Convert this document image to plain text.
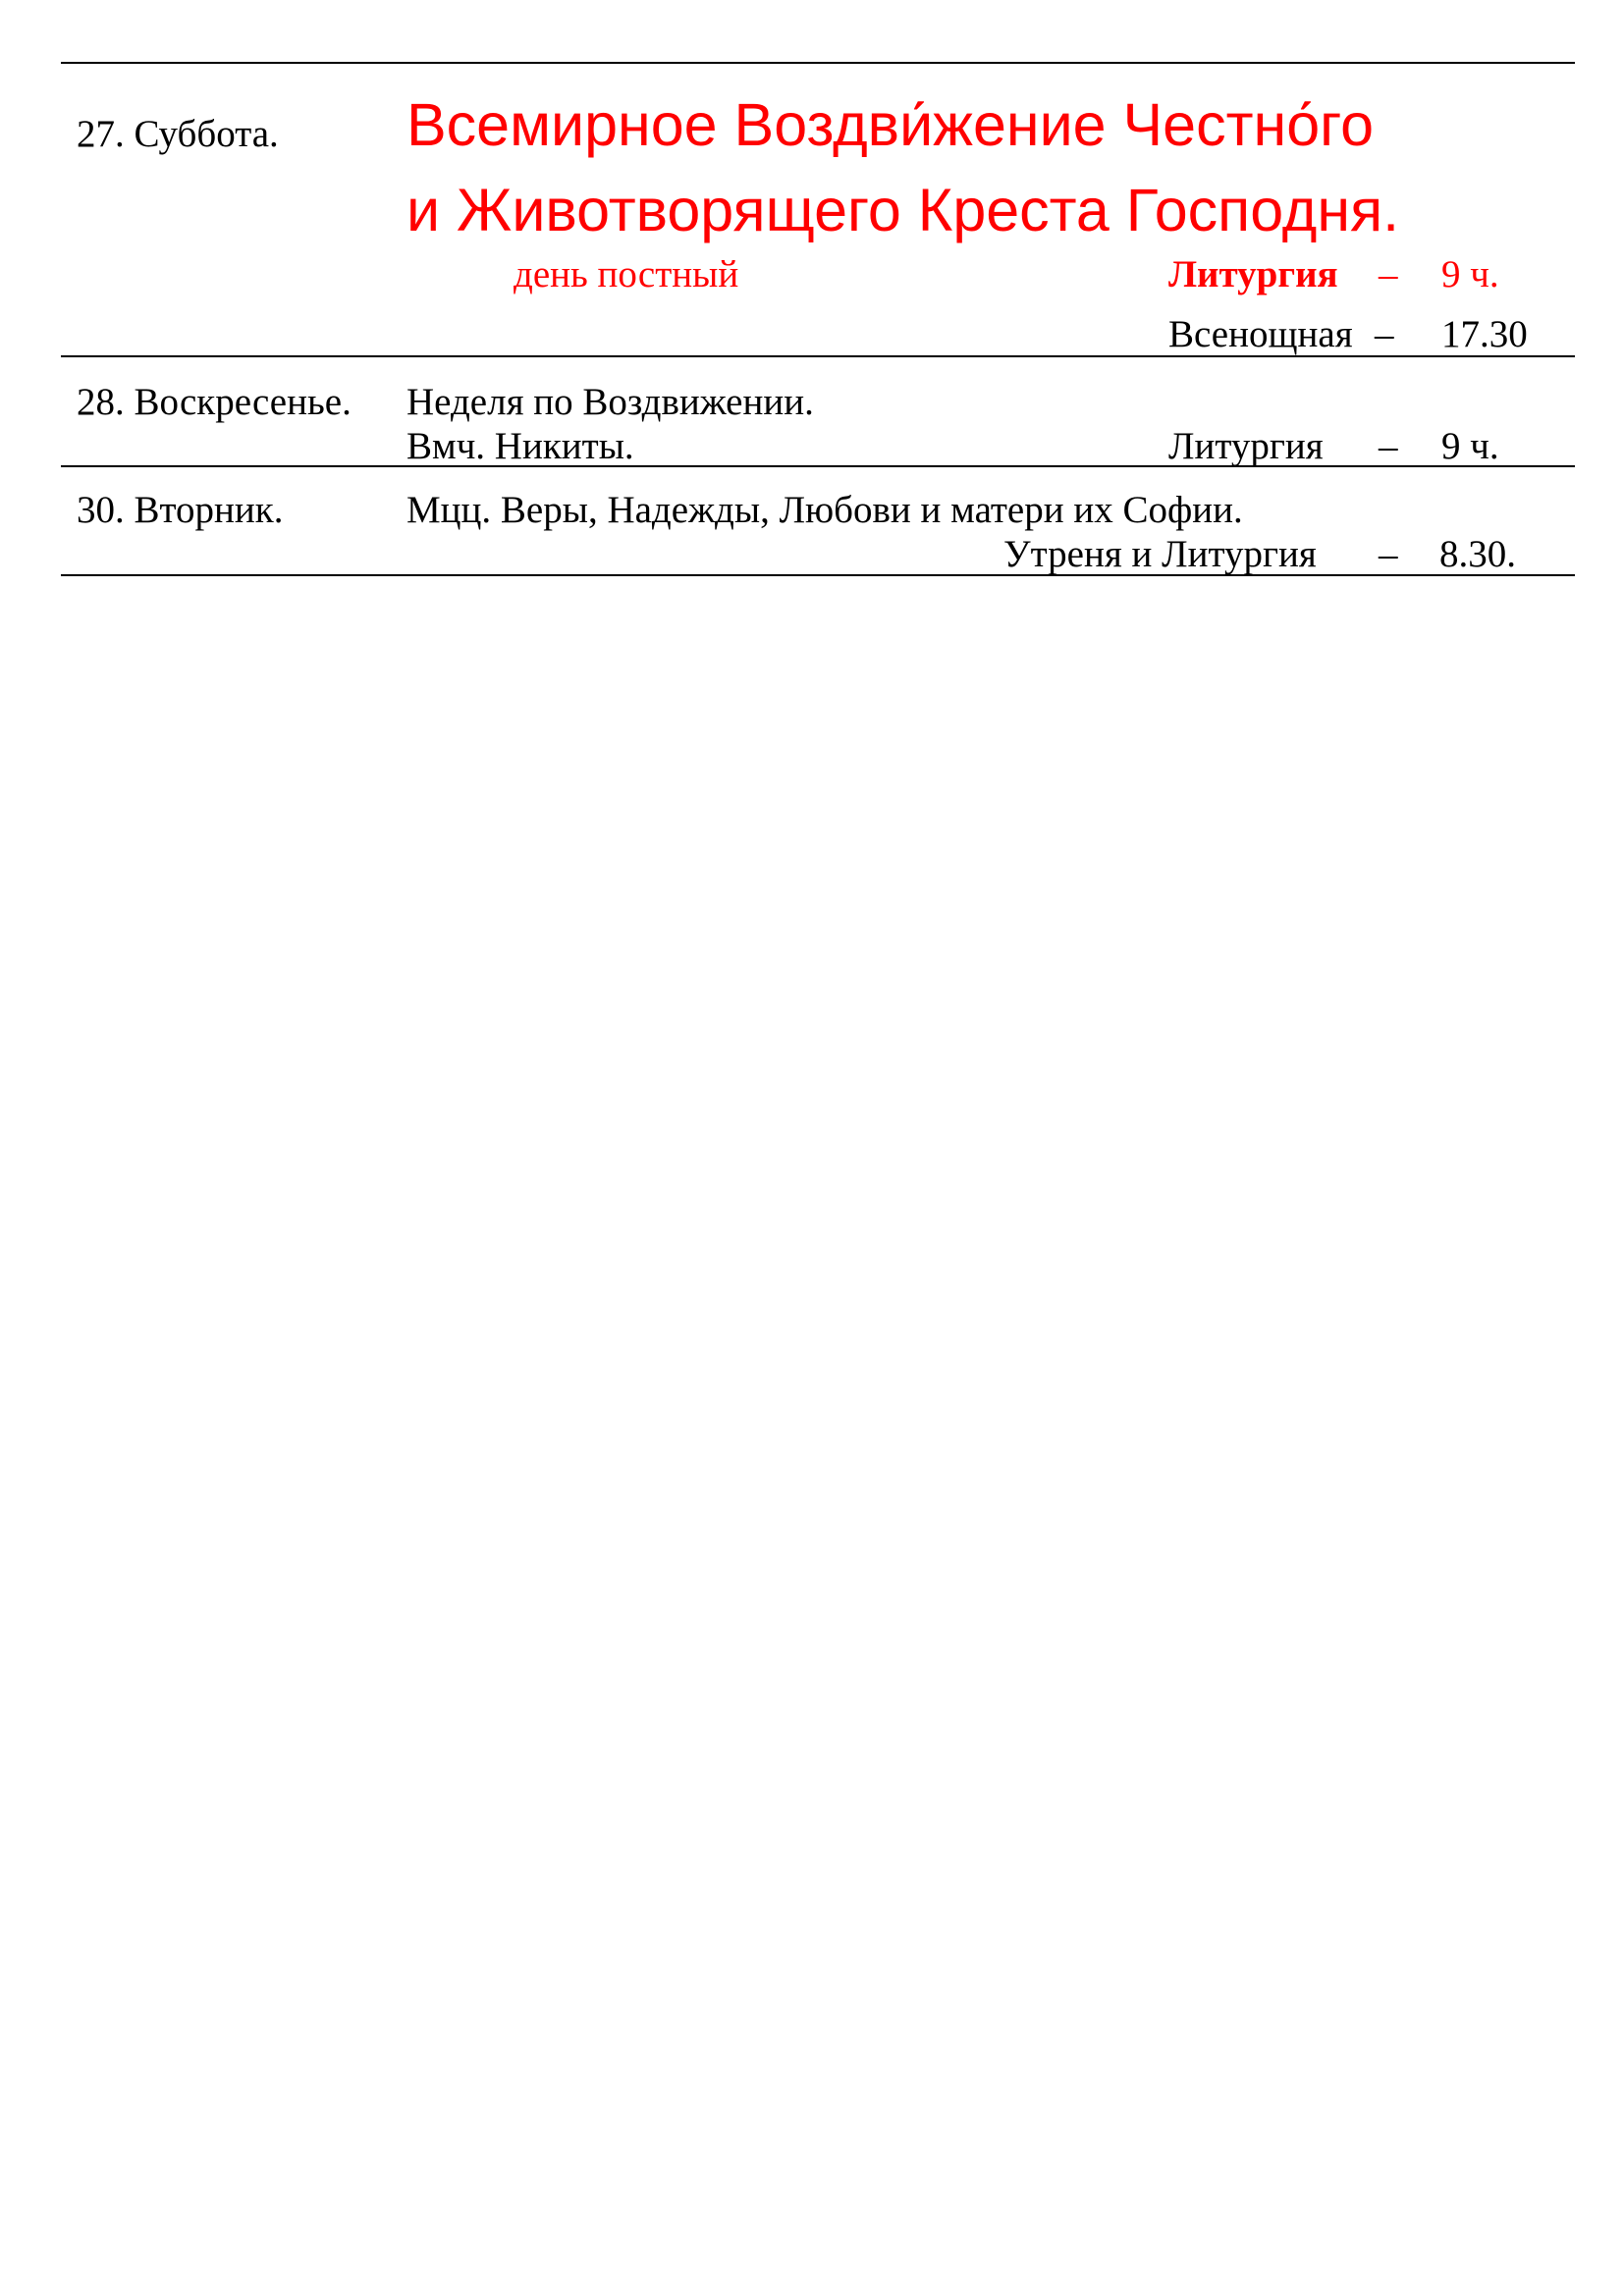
27. Суббота. Всемирное Воздви́жение Честно́го
и Животворящего Креста Господня.
день постный	Литургия – 9 ч.
Всенощная – 17.30
28. Воскресенье. Неделя по Воздвижении.
Вмч. Никиты.	Литургия – 9 ч.
30. Вторник.	Мцц. Веры, Надежды, Любови и матери их Софии.
Утреня и Литургия – 8.30.
